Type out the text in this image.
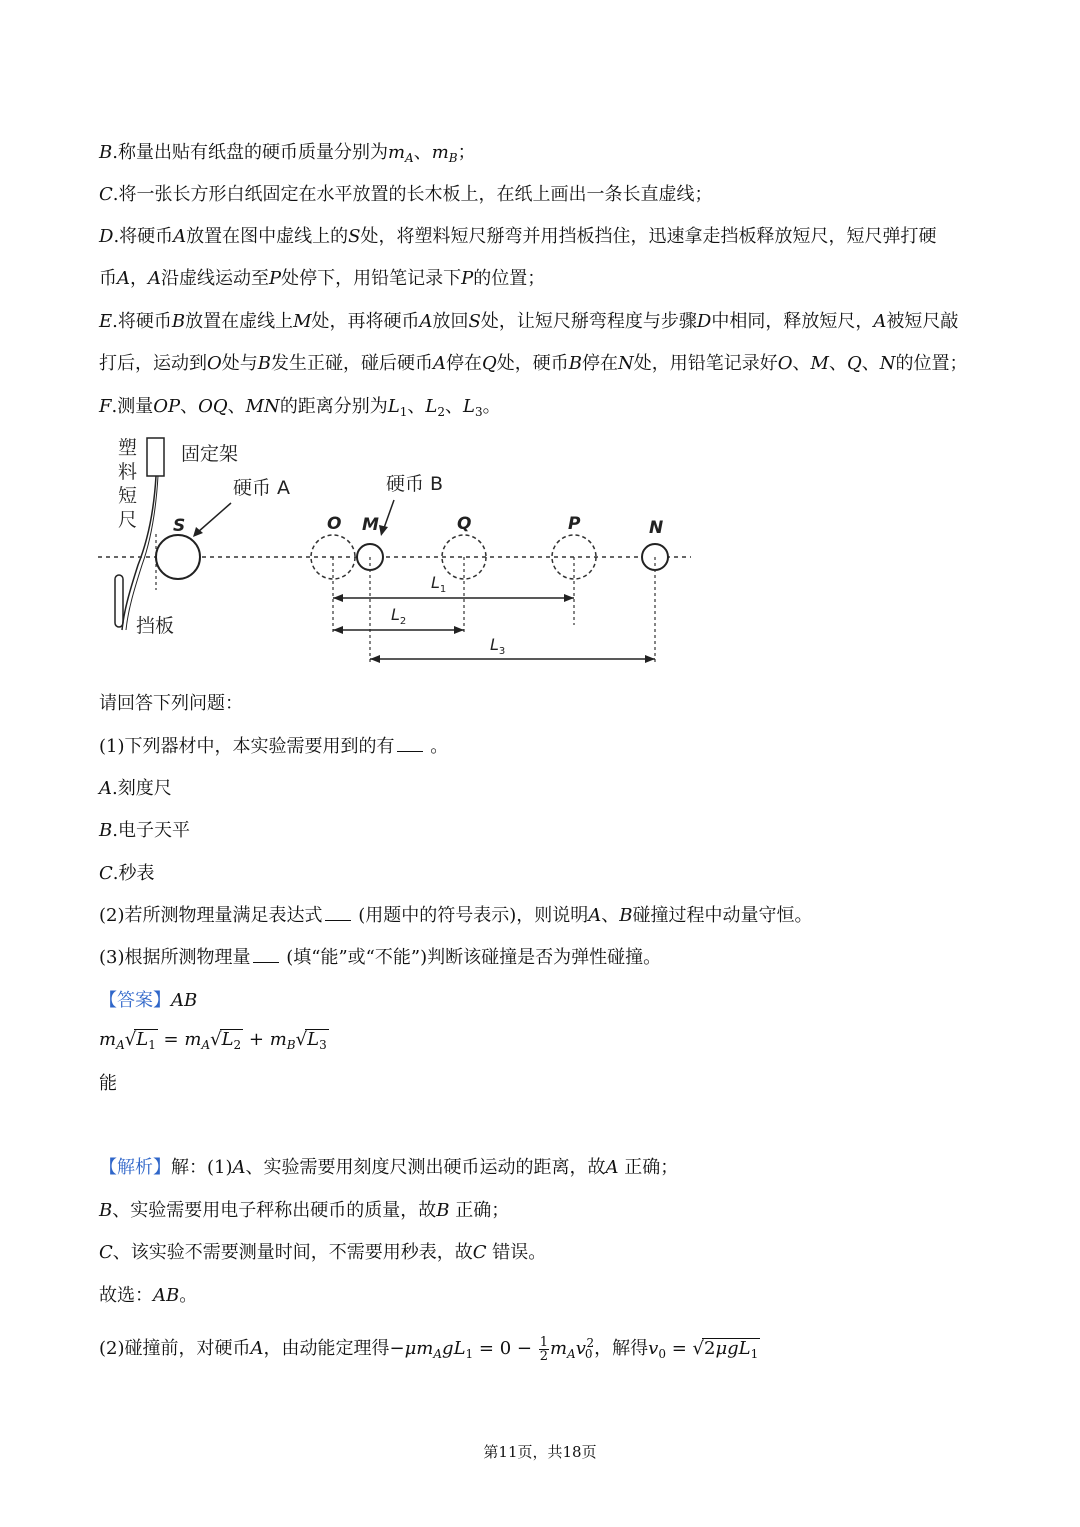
B.称量出贴有纸盘的硬币质量分别为$m_A$、$m_B$；
C.将一张长方形白纸固定在水平放置的长木板上，在纸上画出一条长直虚线；
D.将硬币A放置在图中虚线上的S处，将塑料短尺掰弯并用挡板挡住，迅速拿走挡板释放短尺，短尺弹打硬
币A，A沿虚线运动至P处停下，用铅笔记录下P的位置；
E.将硬币B放置在虚线上M处，再将硬币A放回S处，让短尺掰弯程度与步骤D中相同，释放短尺，A被短尺敲
打后，运动到O处与B发生正碰，碰后硬币A停在Q处，硬币B停在N处，用铅笔记录好O、M、Q、N的位置；
F.测量OP、OQ、MN的距离分别为$L_1$、$L_2$、$L_3$。
塑
料
短
尺
固定架
挡板
S
硬币 A
O M
硬币 B
Q	P	N
$L_1$
$L_2$
$L_3$
请回答下列问题：
(1)下列器材中，本实验需要用到的有 。
A.刻度尺
B.电子天平
C.秒表
(2)若所测物理量满足表达式 (用题中的符号表示)，则说明A、B碰撞过程中动量守恒。
(3)根据所测物理量 (填“能”或“不能”)判断该碰撞是否为弹性碰撞。
【答案】AB
$m_A√L_1 = m_A√L_2 + m_B√L_3$
能
【解析】解：(1)A、实验需要用刻度尺测出硬币运动的距离，故A 正确；
B、实验需要用电子秤称出硬币的质量，故B 正确；
C、该实验不需要测量时间，不需要用秒表，故C 错误。
故选：AB。
(2)碰撞前，对硬币A，由动能定理得$-\mu m_AgL_1 = 0 - \frac{1}{2} m_Av_0^2$，解得$v_0 = √2\mu gL_1$
第11页，共18页
